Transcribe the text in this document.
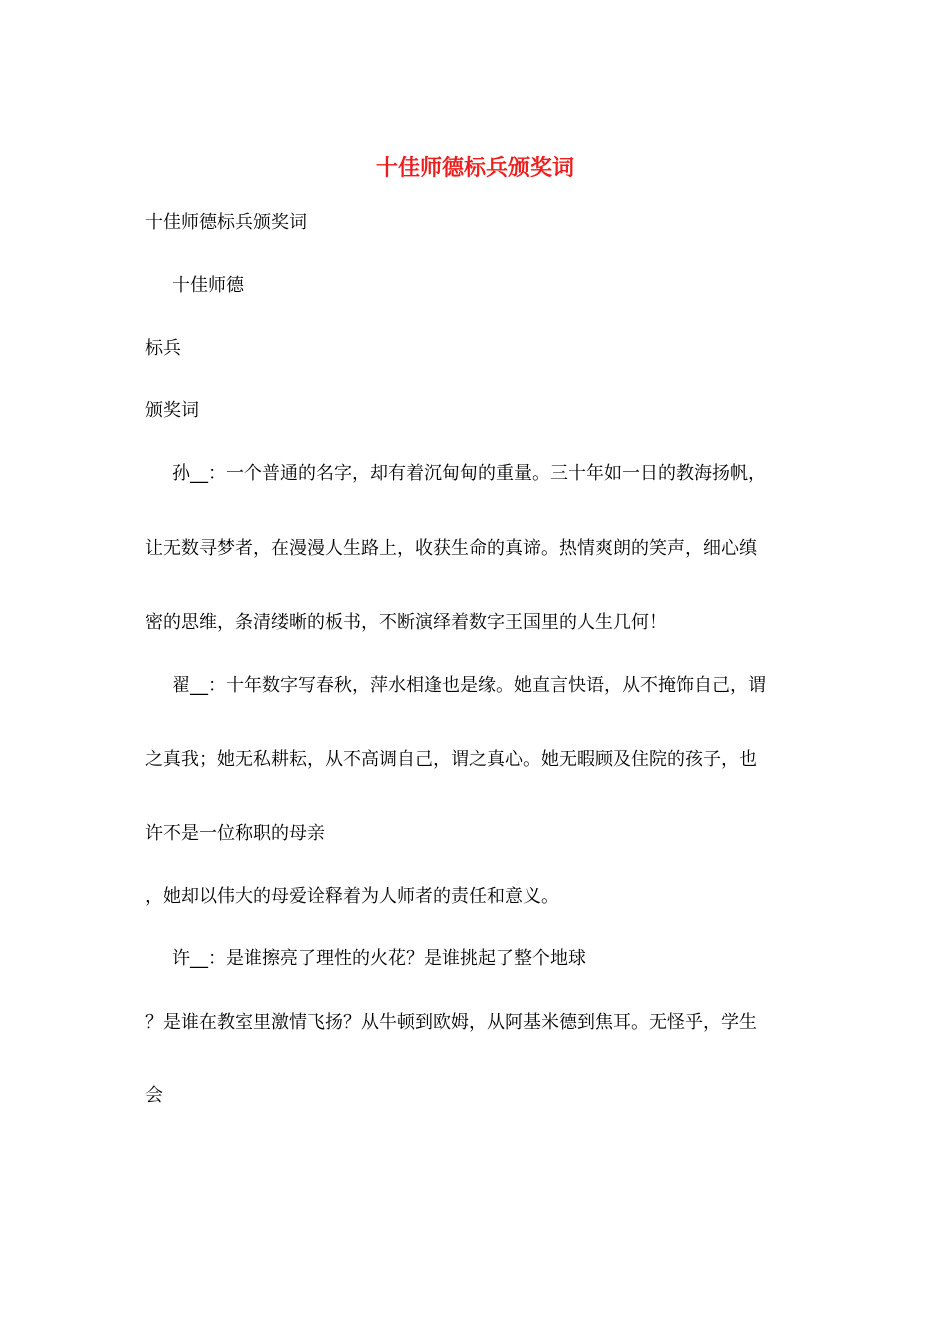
十佳师德标兵颁奖词

十佳师德标兵颁奖词

十佳师德

标兵

颁奖词

孙__：一个普通的名字，却有着沉甸甸的重量。三十年如一日的教海扬帆，

让无数寻梦者，在漫漫人生路上，收获生命的真谛。热情爽朗的笑声，细心缜

密的思维，条清缕晰的板书，不断演绎着数字王国里的人生几何！

翟__：十年数字写春秋，萍水相逢也是缘。她直言快语，从不掩饰自己，谓

之真我；她无私耕耘，从不高调自己，谓之真心。她无暇顾及住院的孩子，也

许不是一位称职的母亲

，她却以伟大的母爱诠释着为人师者的责任和意义。

许__：是谁擦亮了理性的火花？是谁挑起了整个地球

？是谁在教室里激情飞扬？从牛顿到欧姆，从阿基米德到焦耳。无怪乎，学生

会
